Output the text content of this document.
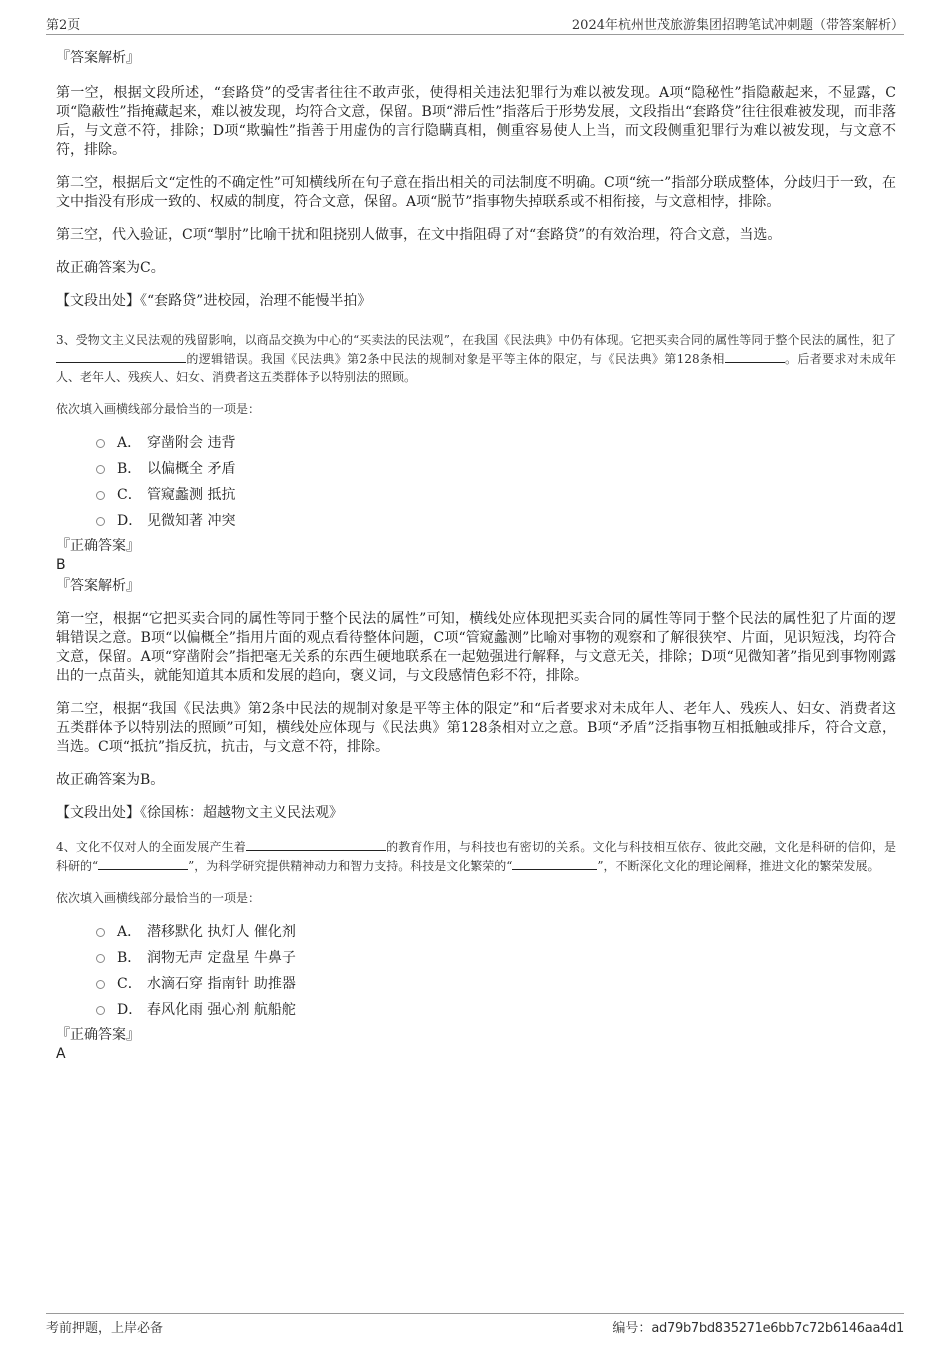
第2页	2024年杭州世茂旅游集团招聘笔试冲刺题（带答案解析）

『答案解析』

第一空，根据文段所述，“套路贷”的受害者往往不敢声张，使得相关违法犯罪行为难以被发现。A项“隐秘性”指隐蔽起来，不显露，C项“隐蔽性”指掩藏起来，难以被发现，均符合文意，保留。B项“滞后性”指落后于形势发展，文段指出“套路贷”往往很难被发现，而非落后，与文意不符，排除；D项“欺骗性”指善于用虚伪的言行隐瞒真相，侧重容易使人上当，而文段侧重犯罪行为难以被发现，与文意不符，排除。

第二空，根据后文“定性的不确定性”可知横线所在句子意在指出相关的司法制度不明确。C项“统一”指部分联成整体，分歧归于一致，在文中指没有形成一致的、权威的制度，符合文意，保留。A项“脱节”指事物失掉联系或不相衔接，与文意相悖，排除。

第三空，代入验证，C项“掣肘”比喻干扰和阻挠别人做事，在文中指阻碍了对“套路贷”的有效治理，符合文意，当选。

故正确答案为C。

【文段出处】《“套路贷”进校园，治理不能慢半拍》

3、受物文主义民法观的残留影响，以商品交换为中心的“买卖法的民法观”，在我国《民法典》中仍有体现。它把买卖合同的属性等同于整个民法的属性，犯了的逻辑错误。我国《民法典》第2条中民法的规制对象是平等主体的限定，与《民法典》第128条相	。后者要求对未成年人、老年人、残疾人、妇女、消费者这五类群体予以特别法的照顾。

依次填入画横线部分最恰当的一项是：

A． 穿凿附会 违背
B． 以偏概全 矛盾
C． 管窥蠡测 抵抗
D． 见微知著 冲突

『正确答案』

B

『答案解析』

第一空，根据“它把买卖合同的属性等同于整个民法的属性”可知，横线处应体现把买卖合同的属性等同于整个民法的属性犯了片面的逻辑错误之意。B项“以偏概全”指用片面的观点看待整体问题，C项“管窥蠡测”比喻对事物的观察和了解很狭窄、片面，见识短浅，均符合文意，保留。A项“穿凿附会”指把毫无关系的东西生硬地联系在一起勉强进行解释，与文意无关，排除；D项“见微知著”指见到事物刚露出的一点苗头，就能知道其本质和发展的趋向，褒义词，与文段感情色彩不符，排除。

第二空，根据“我国《民法典》第2条中民法的规制对象是平等主体的限定”和“后者要求对未成年人、老年人、残疾人、妇女、消费者这五类群体予以特别法的照顾”可知，横线处应体现与《民法典》第128条相对立之意。B项“矛盾”泛指事物互相抵触或排斥，符合文意，当选。C项“抵抗”指反抗，抗击，与文意不符，排除。

故正确答案为B。

【文段出处】《徐国栋：超越物文主义民法观》

4、文化不仅对人的全面发展产生着	的教育作用，与科技也有密切的关系。文化与科技相互依存、彼此交融，文化是科研的信仰，是科研的“	”，为科学研究提供精神动力和智力支持。科技是文化繁荣的“	”，不断深化文化的理论阐释，推进文化的繁荣发展。

依次填入画横线部分最恰当的一项是：

A． 潜移默化 执灯人 催化剂
B． 润物无声 定盘星 牛鼻子
C． 水滴石穿 指南针 助推器
D． 春风化雨 强心剂 航船舵

『正确答案』

A

考前押题，上岸必备	编号：ad79b7bd835271e6bb7c72b6146aa4d1
